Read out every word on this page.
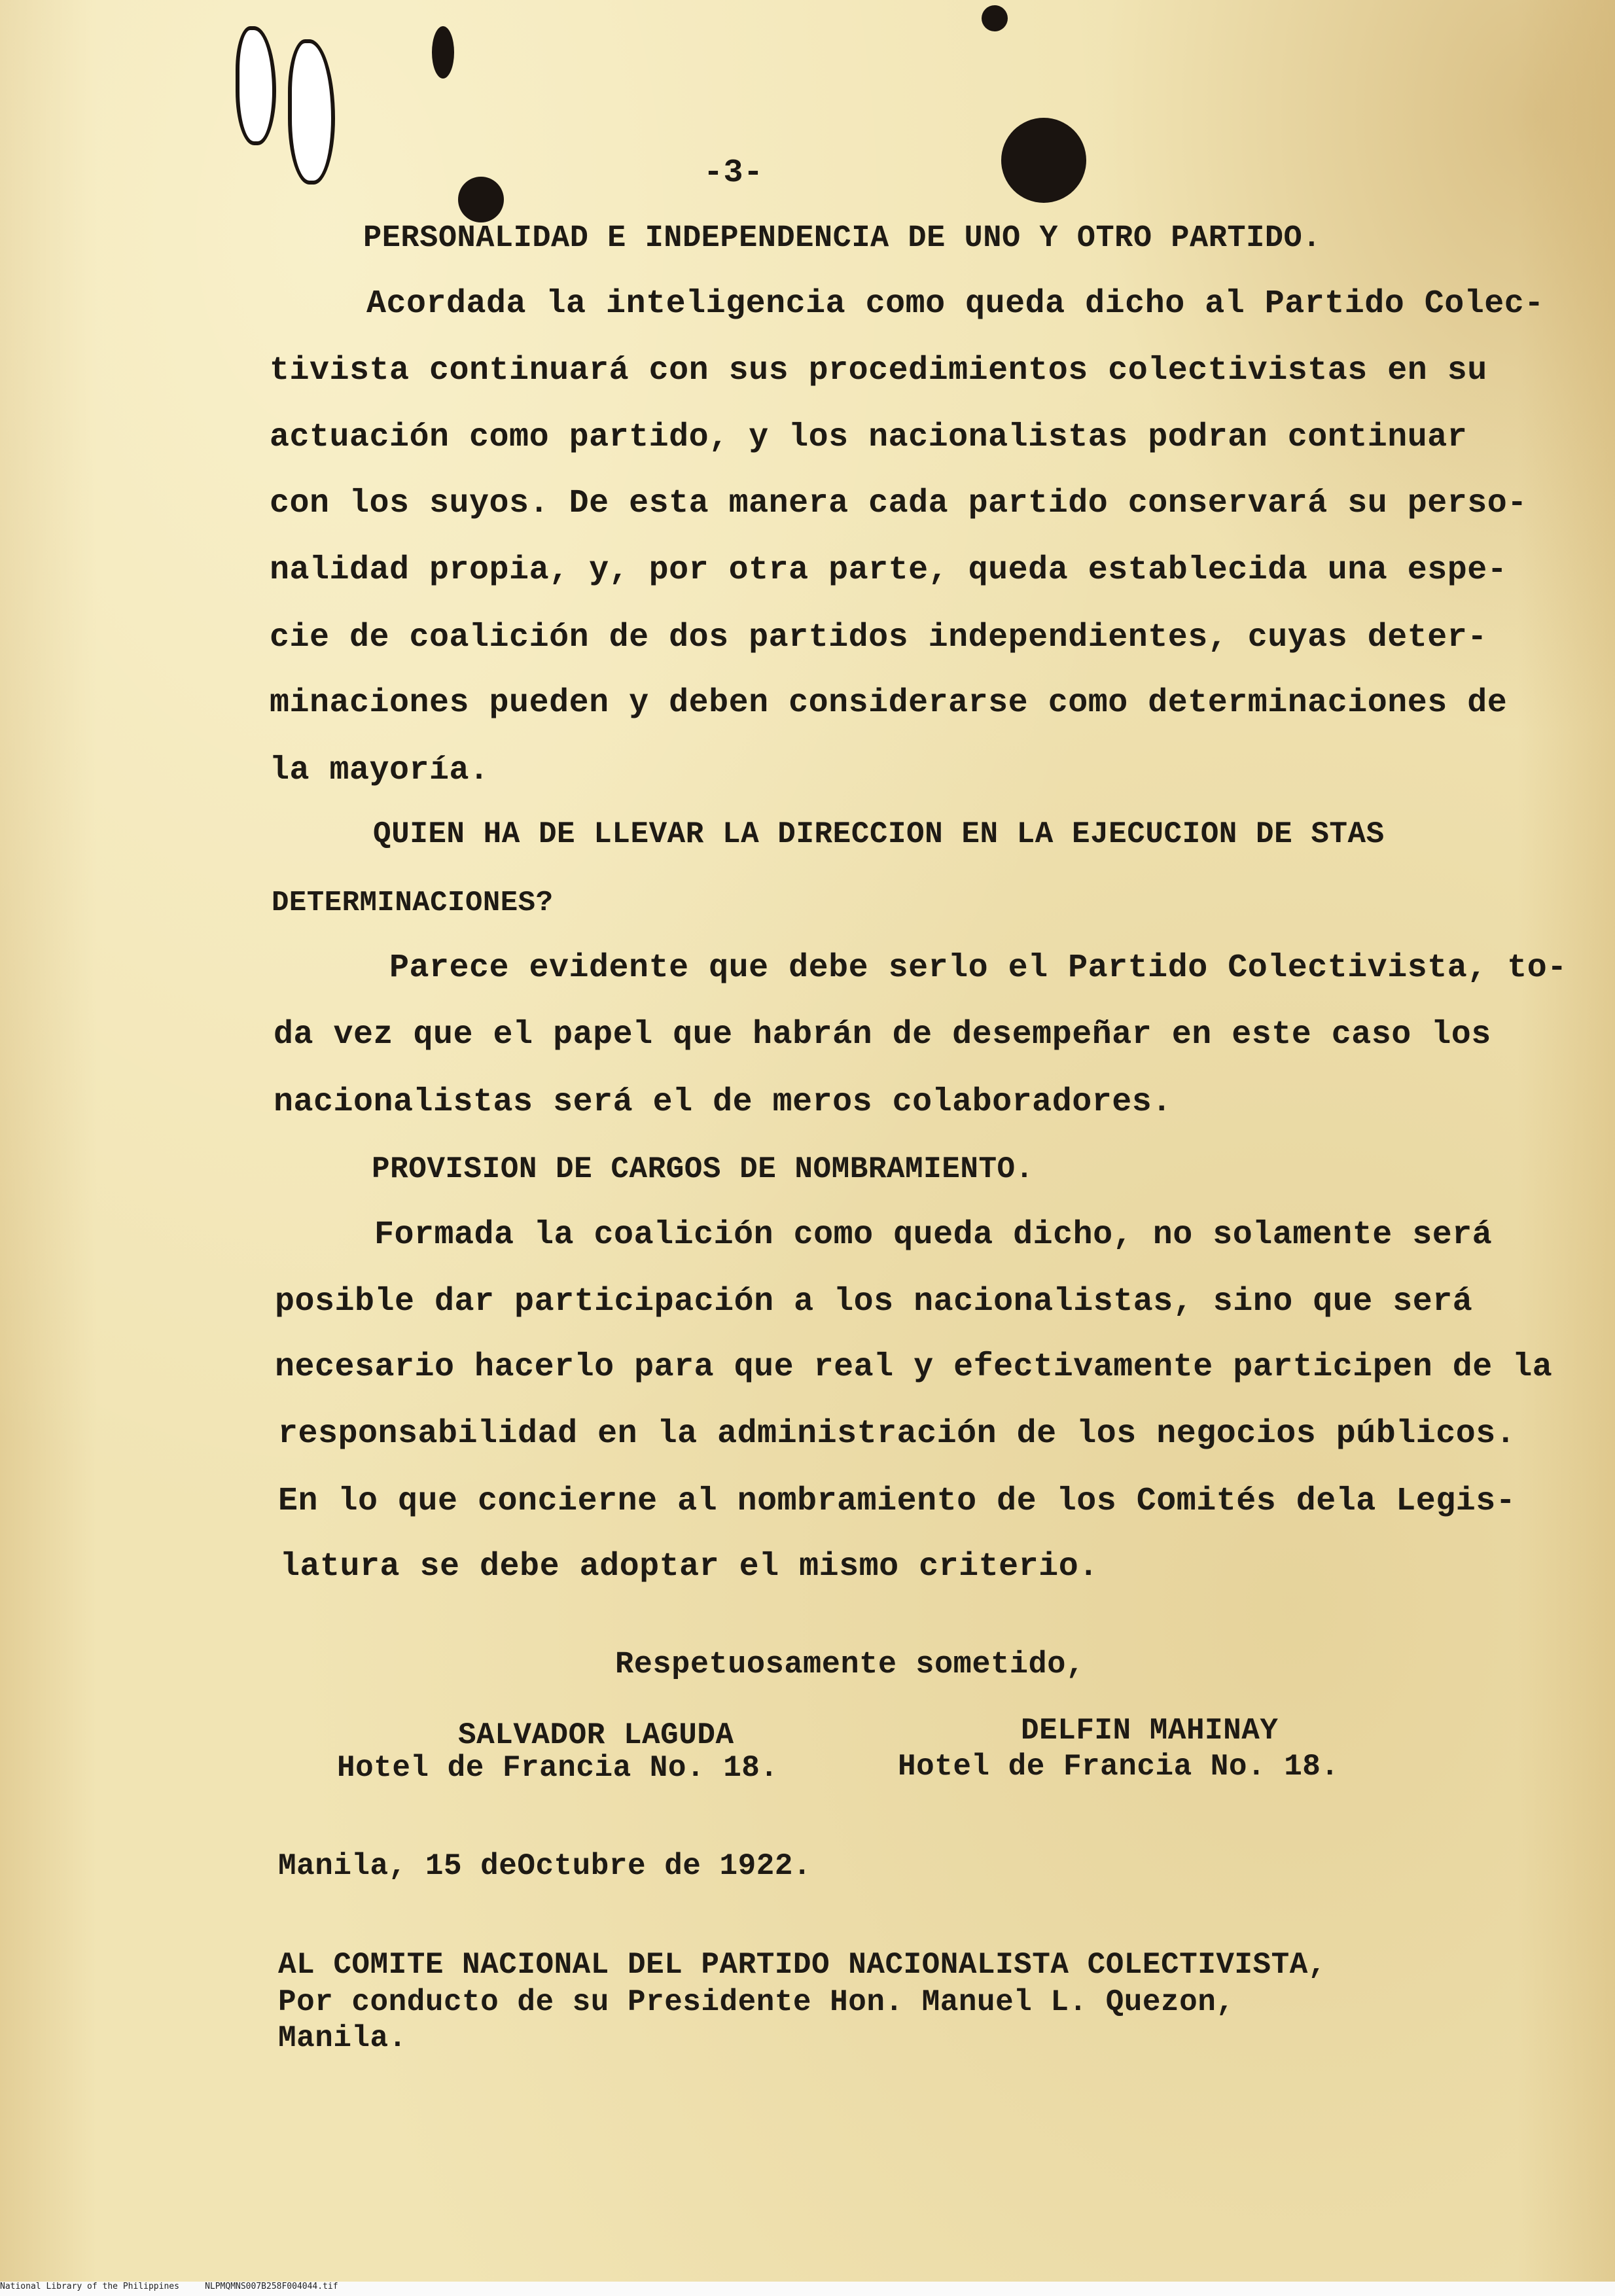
-3-
PERSONALIDAD E INDEPENDENCIA DE UNO Y OTRO PARTIDO.
Acordada la inteligencia como queda dicho al Partido Colec-
tivista continuará con sus procedimientos colectivistas en su
actuación como partido, y los nacionalistas podran continuar
con los suyos. De esta manera cada partido conservará su perso-
nalidad propia, y, por otra parte, queda establecida una espe-
cie de coalición de dos partidos independientes, cuyas deter-
minaciones pueden y deben considerarse como determinaciones de
la mayoría.
QUIEN HA DE LLEVAR LA DIRECCION EN LA EJECUCION DE STAS
DETERMINACIONES?
Parece evidente que debe serlo el Partido Colectivista, to-
da vez que el papel que habrán de desempeñar en este caso los
nacionalistas será el de meros colaboradores.
PROVISION DE CARGOS DE NOMBRAMIENTO.
Formada la coalición como queda dicho, no solamente será
posible dar participación a los nacionalistas, sino que será
necesario hacerlo para que real y efectivamente participen de la
responsabilidad en la administración de los negocios públicos.
En lo que concierne al nombramiento de los Comités dela Legis-
latura se debe adoptar el mismo criterio.
Respetuosamente sometido,
SALVADOR LAGUDA
Hotel de Francia No. 18.
DELFIN MAHINAY
Hotel de Francia No. 18.
Manila, 15 deOctubre de 1922.
AL COMITE NACIONAL DEL PARTIDO NACIONALISTA COLECTIVISTA,
Por conducto de su Presidente Hon. Manuel L. Quezon,
Manila.
National Library of the Philippines     NLPMQMNS007B258F004044.tif
